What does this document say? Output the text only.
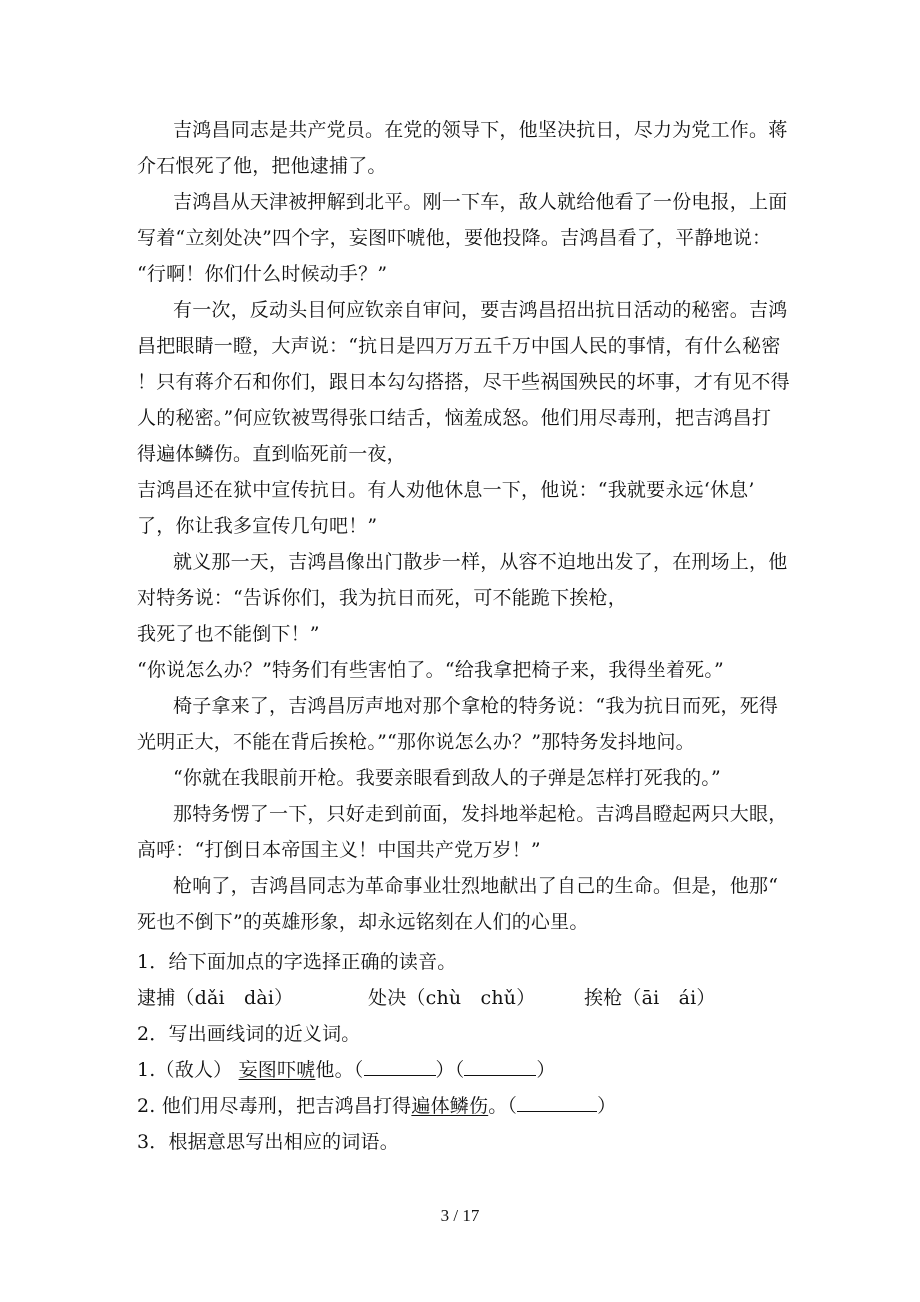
吉鸿昌同志是共产党员。在党的领导下，他坚决抗日，尽力为党工作。蒋
介石恨死了他，把他逮捕了。
吉鸿昌从天津被押解到北平。刚一下车，敌人就给他看了一份电报，上面
写着“立刻处决”四个字，妄图吓唬他，要他投降。吉鸿昌看了，平静地说：
“行啊！你们什么时候动手？”
有一次，反动头目何应钦亲自审问，要吉鸿昌招出抗日活动的秘密。吉鸿
昌把眼睛一瞪，大声说：“抗日是四万万五千万中国人民的事情，有什么秘密
！只有蒋介石和你们，跟日本勾勾搭搭，尽干些祸国殃民的坏事，才有见不得
人的秘密。”何应钦被骂得张口结舌，恼羞成怒。他们用尽毒刑，把吉鸿昌打
得遍体鳞伤。直到临死前一夜，
吉鸿昌还在狱中宣传抗日。有人劝他休息一下，他说：“我就要永远‘休息’
了，你让我多宣传几句吧！”
就义那一天，吉鸿昌像出门散步一样，从容不迫地出发了，在刑场上，他
对特务说：“告诉你们，我为抗日而死，可不能跪下挨枪，
我死了也不能倒下！”
“你说怎么办？”特务们有些害怕了。“给我拿把椅子来，我得坐着死。”
椅子拿来了，吉鸿昌厉声地对那个拿枪的特务说：“我为抗日而死，死得
光明正大，不能在背后挨枪。”“那你说怎么办？”那特务发抖地问。
“你就在我眼前开枪。我要亲眼看到敌人的子弹是怎样打死我的。”
那特务愣了一下，只好走到前面，发抖地举起枪。吉鸿昌瞪起两只大眼，
高呼：“打倒日本帝国主义！中国共产党万岁！”
枪响了，吉鸿昌同志为革命事业壮烈地献出了自己的生命。但是，他那“
死也不倒下”的英雄形象，却永远铭刻在人们的心里。
1．给下面加点的字选择正确的读音。
逮捕（dǎi　dài）	处决（chù　chǔ）	挨枪（āi　ái）
2．写出画线词的近义词。
1.（敌人） 妄图吓唬他。（	）（	）
2. 他们用尽毒刑，把吉鸿昌打得遍体鳞伤。（	）
3．根据意思写出相应的词语。
3 / 17
